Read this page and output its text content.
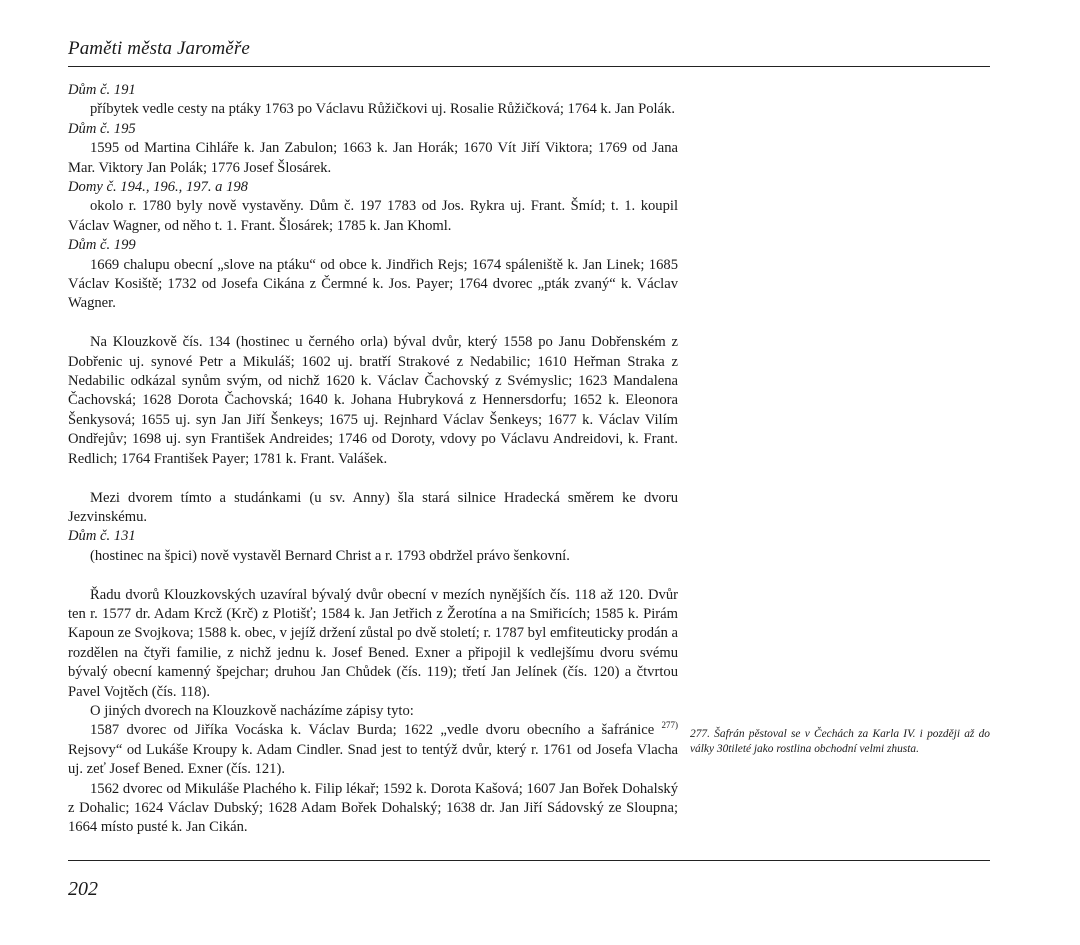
Paměti města Jaroměře

Dům č. 191

příbytek vedle cesty na ptáky 1763 po Václavu Růžičkovi uj. Rosalie Růžičková; 1764 k. Jan Polák.

Dům č. 195

1595 od Martina Cihláře k. Jan Zabulon; 1663 k. Jan Horák; 1670 Vít Jiří Viktora; 1769 od Jana Mar. Viktory Jan Polák; 1776 Josef Šlosárek.

Domy č. 194., 196., 197. a 198

okolo r. 1780 byly nově vystavěny. Dům č. 197 1783 od Jos. Rykra uj. Frant. Šmíd; t. 1. koupil Václav Wagner, od něho t. 1. Frant. Šlosárek; 1785 k. Jan Khoml.

Dům č. 199

1669 chalupu obecní „slove na ptáku“ od obce k. Jindřich Rejs; 1674 spáleniště k. Jan Linek; 1685 Václav Kosiště; 1732 od Josefa Cikána z Čermné k. Jos. Payer; 1764 dvorec „pták zvaný“ k. Václav Wagner.

Na Klouzkově čís. 134 (hostinec u černého orla) býval dvůr, který 1558 po Janu Dobřenském z Dobřenic uj. synové Petr a Mikuláš; 1602 uj. bratří Strakové z Nedabilic; 1610 Heřman Straka z Nedabilic odkázal synům svým, od nichž 1620 k. Václav Čachovský z Svémyslic; 1623 Mandalena Čachovská; 1628 Dorota Čachovská; 1640 k. Johana Hubryková z Hennersdorfu; 1652 k. Eleonora Šenkysová; 1655 uj. syn Jan Jiří Šenkeys; 1675 uj. Rejnhard Václav Šenkeys; 1677 k. Václav Vilím Ondřejův; 1698 uj. syn František Andreides; 1746 od Doroty, vdovy po Václavu Andreidovi, k. Frant. Redlich; 1764 František Payer; 1781 k. Frant. Valášek.

Mezi dvorem tímto a studánkami (u sv. Anny) šla stará silnice Hradecká směrem ke dvoru Jezvinskému.

Dům č. 131

(hostinec na špici) nově vystavěl Bernard Christ a r. 1793 obdržel právo šenkovní.

Řadu dvorů Klouzkovských uzavíral bývalý dvůr obecní v mezích nynějších čís. 118 až 120. Dvůr ten r. 1577 dr. Adam Krcž (Krč) z Plotišť; 1584 k. Jan Jetřich z Žerotína a na Smiřicích; 1585 k. Pirám Kapoun ze Svojkova; 1588 k. obec, v jejíž držení zůstal po dvě století; r. 1787 byl emfiteuticky prodán a rozdělen na čtyři familie, z nichž jednu k. Josef Bened. Exner a připojil k vedlejšímu dvoru svému bývalý obecní kamenný špejchar; druhou Jan Chůdek (čís. 119); třetí Jan Jelínek (čís. 120) a čtvrtou Pavel Vojtěch (čís. 118).

O jiných dvorech na Klouzkově nacházíme zápisy tyto:

1587 dvorec od Jiříka Vocáska k. Václav Burda; 1622 „vedle dvoru obecního a šafránice $^{277)}$ Rejsovy“ od Lukáše Kroupy k. Adam Cindler. Snad jest to tentýž dvůr, který r. 1761 od Josefa Vlacha uj. zeť Josef Bened. Exner (čís. 121).

1562 dvorec od Mikuláše Plachého k. Filip lékař; 1592 k. Dorota Kašová; 1607 Jan Bořek Dohalský z Dohalic; 1624 Václav Dubský; 1628 Adam Bořek Dohalský; 1638 dr. Jan Jiří Sádovský ze Sloupna; 1664 místo pusté k. Jan Cikán.

277. Šafrán pěstoval se v Čechách za Karla IV. i později až do války 30tileté jako rostlina obchodní velmi zhusta.
202
